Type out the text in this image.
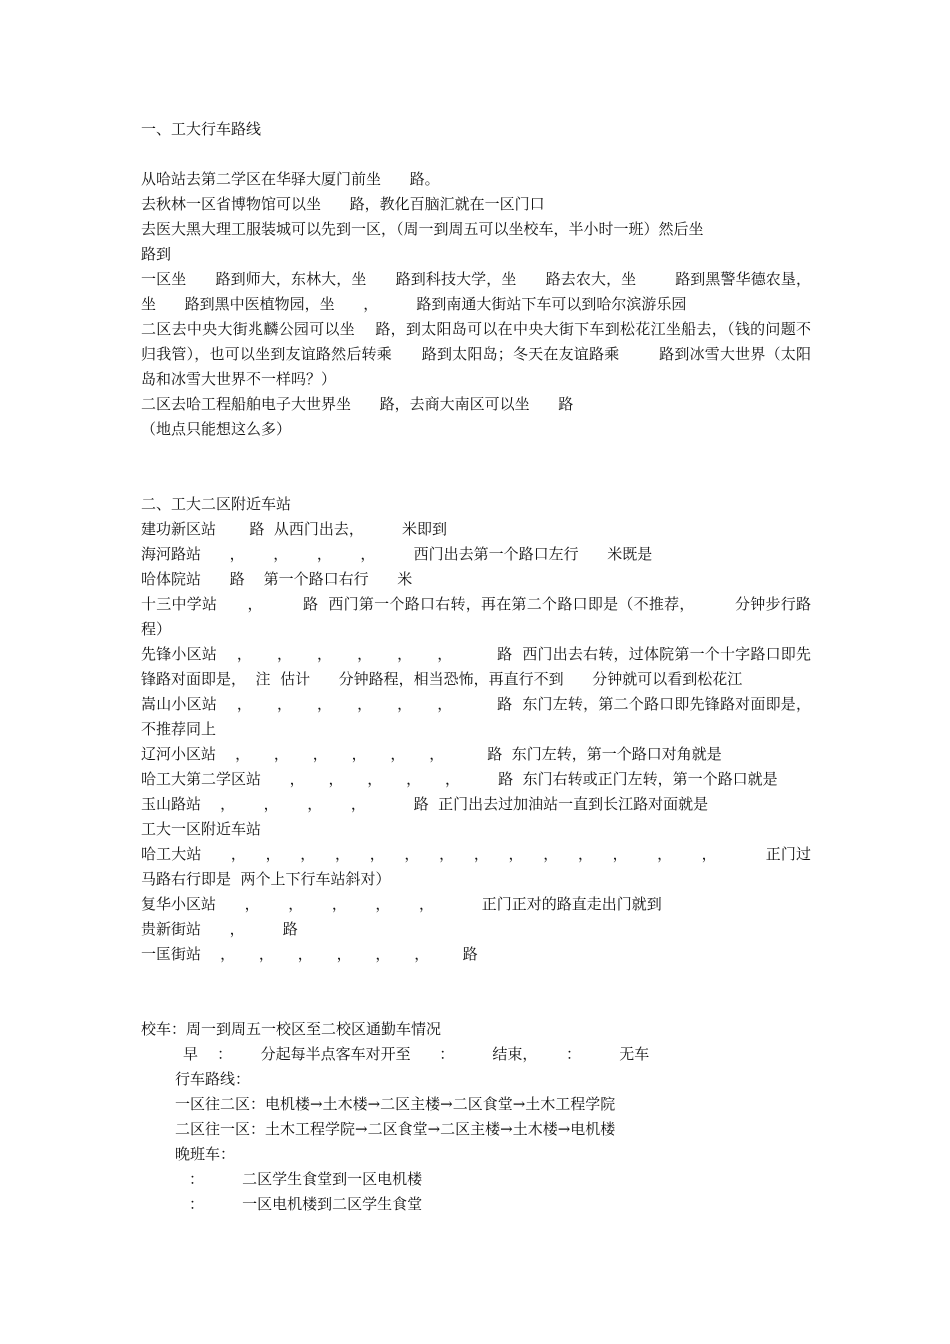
一、工大行车路线
从哈站去第二学区在华驿大厦门前坐      路。
去秋林一区省博物馆可以坐      路，教化百脑汇就在一区门口
去医大黑大理工服装城可以先到一区，（周一到周五可以坐校车，半小时一班）然后坐
路到
一区坐      路到师大，东林大，坐      路到科技大学，坐      路去农大，坐        路到黑警华德农垦，坐      路到黑中医植物园，坐      ，        路到南通大街站下车可以到哈尔滨游乐园
二区去中央大街兆麟公园可以坐    路，到太阳岛可以在中央大街下车到松花江坐船去，（钱的问题不归我管），也可以坐到友谊路然后转乘      路到太阳岛；冬天在友谊路乘        路到冰雪大世界（太阳岛和冰雪大世界不一样吗？）
二区去哈工程船舶电子大世界坐      路，去商大南区可以坐      路
（地点只能想这么多）
二、工大二区附近车站
建功新区站       路  从西门出去，        米即到
海河路站      ，      ，      ，      ，        西门出去第一个路口左行      米既是
哈体院站      路    第一个路口右行      米
十三中学站      ，        路  西门第一个路口右转，再在第二个路口即是（不推荐，        分钟步行路程）
先锋小区站    ，     ，     ，     ，     ，     ，         路  西门出去右转，过体院第一个十字路口即先锋路对面即是，  注  估计      分钟路程，相当恐怖，再直行不到      分钟就可以看到松花江
嵩山小区站    ，     ，     ，     ，     ，     ，         路  东门左转，第二个路口即先锋路对面即是，不推荐同上
辽河小区站    ，     ，     ，     ，     ，     ，         路  东门左转，第一个路口对角就是
哈工大第二学区站      ，     ，     ，     ，     ，        路  东门右转或正门左转，第一个路口就是
玉山路站    ，      ，      ，      ，          路  正门出去过加油站一直到长江路对面就是
工大一区附近车站
哈工大站      ，    ，    ，    ，    ，    ，    ，    ，    ，    ，    ，    ，      ，      ，          正门过马路右行即是  两个上下行车站斜对）
复华小区站      ，      ，      ，      ，      ，          正门正对的路直走出门就到
贵新街站      ，        路
一匡街站    ，     ，     ，     ，     ，     ，       路
校车：周一到周五一校区至二校区通勤车情况
早    ：      分起每半点客车对开至      ：        结束，      ：        无车
行车路线：
一区往二区：电机楼→土木楼→二区主楼→二区食堂→土木工程学院
二区往一区：土木工程学院→二区食堂→二区主楼→土木楼→电机楼
晚班车：
：        二区学生食堂到一区电机楼
：        一区电机楼到二区学生食堂
